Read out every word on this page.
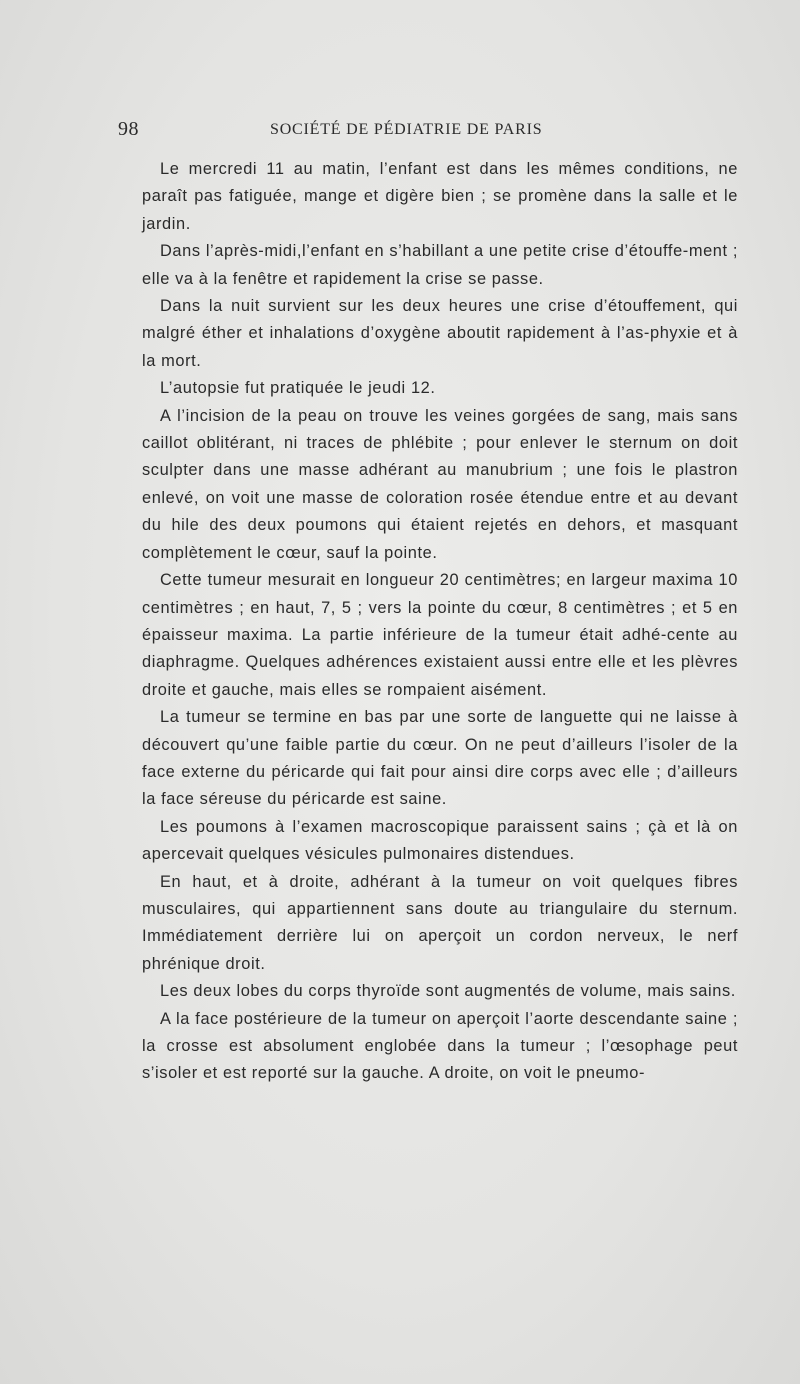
98	SOCIÉTÉ DE PÉDIATRIE DE PARIS

Le mercredi 11 au matin, l’enfant est dans les mêmes conditions, ne paraît pas fatiguée, mange et digère bien ; se promène dans la salle et le jardin.

Dans l’après-midi,l’enfant en s’habillant a une petite crise d’étouffe-ment ; elle va à la fenêtre et rapidement la crise se passe.

Dans la nuit survient sur les deux heures une crise d’étouffement, qui malgré éther et inhalations d’oxygène aboutit rapidement à l’as-phyxie et à la mort.

L’autopsie fut pratiquée le jeudi 12.

A l’incision de la peau on trouve les veines gorgées de sang, mais sans caillot oblitérant, ni traces de phlébite ; pour enlever le sternum on doit sculpter dans une masse adhérant au manubrium ; une fois le plastron enlevé, on voit une masse de coloration rosée étendue entre et au devant du hile des deux poumons qui étaient rejetés en dehors, et masquant complètement le cœur, sauf la pointe.

Cette tumeur mesurait en longueur 20 centimètres; en largeur maxima 10 centimètres ; en haut, 7, 5 ; vers la pointe du cœur, 8 centimètres ; et 5 en épaisseur maxima. La partie inférieure de la tumeur était adhé-cente au diaphragme. Quelques adhérences existaient aussi entre elle et les plèvres droite et gauche, mais elles se rompaient aisément.

La tumeur se termine en bas par une sorte de languette qui ne laisse à découvert qu’une faible partie du cœur. On ne peut d’ailleurs l’isoler de la face externe du péricarde qui fait pour ainsi dire corps avec elle ; d’ailleurs la face séreuse du péricarde est saine.

Les poumons à l’examen macroscopique paraissent sains ; çà et là on apercevait quelques vésicules pulmonaires distendues.

En haut, et à droite, adhérant à la tumeur on voit quelques fibres musculaires, qui appartiennent sans doute au triangulaire du sternum. Immédiatement derrière lui on aperçoit un cordon nerveux, le nerf phrénique droit.

Les deux lobes du corps thyroïde sont augmentés de volume, mais sains.

A la face postérieure de la tumeur on aperçoit l’aorte descendante saine ; la crosse est absolument englobée dans la tumeur ; l’œsophage peut s’isoler et est reporté sur la gauche. A droite, on voit le pneumo-
